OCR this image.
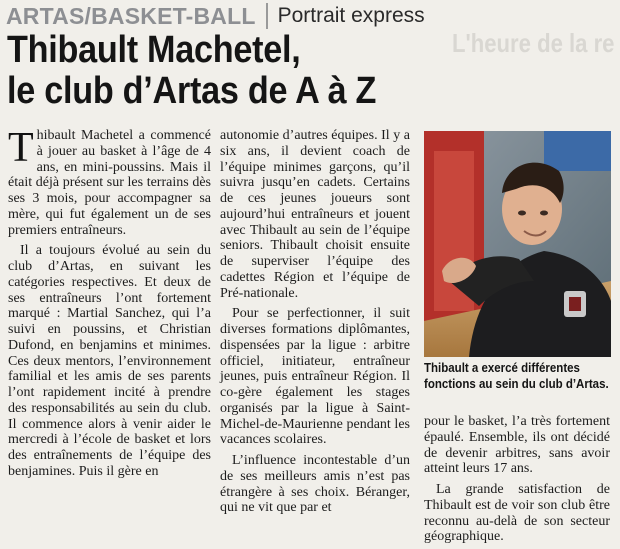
ARTAS/BASKET-BALL Portrait express
L'heure de la re
Thibault Machetel,
le club d’Artas de A à Z

Thibault Machetel a commencé à jouer au basket à l’âge de 4 ans, en mini-poussins. Mais il était déjà présent sur les terrains dès ses 3 mois, pour accompagner sa mère, qui fut également un de ses premiers entraîneurs.

Il a toujours évolué au sein du club d’Artas, en suivant les catégories respectives. Et deux de ses entraîneurs l’ont fortement marqué : Martial Sanchez, qui l’a suivi en poussins, et Christian Dufond, en benjamins et minimes. Ces deux mentors, l’environnement familial et les amis de ses parents l’ont rapidement incité à prendre des responsabilités au sein du club. Il commence alors à venir aider le mercredi à l’école de basket et lors des entraînements de l’équipe des benjamines. Puis il gère en

autonomie d’autres équipes. Il y a six ans, il devient coach de l’équipe minimes garçons, qu’il suivra jusqu’en cadets. Certains de ces jeunes joueurs sont aujourd’hui entraîneurs et jouent avec Thibault au sein de l’équipe seniors. Thibault choisit ensuite de superviser l’équipe des cadettes Région et l’équipe de Pré-nationale.

Pour se perfectionner, il suit diverses formations diplômantes, dispensées par la ligue : arbitre officiel, initiateur, entraîneur jeunes, puis entraîneur Région. Il co-gère également les stages organisés par la ligue à Saint-Michel-de-Maurienne pendant les vacances scolaires.

L’influence incontestable d’un de ses meilleurs amis n’est pas étrangère à ses choix. Béranger, qui ne vit que par et

Thibault a exercé différentes fonctions au sein du club d’Artas.

pour le basket, l’a très fortement épaulé. Ensemble, ils ont décidé de devenir arbitres, sans avoir atteint leurs 17 ans.

La grande satisfaction de Thibault est de voir son club être reconnu au-delà de son secteur géographique.
